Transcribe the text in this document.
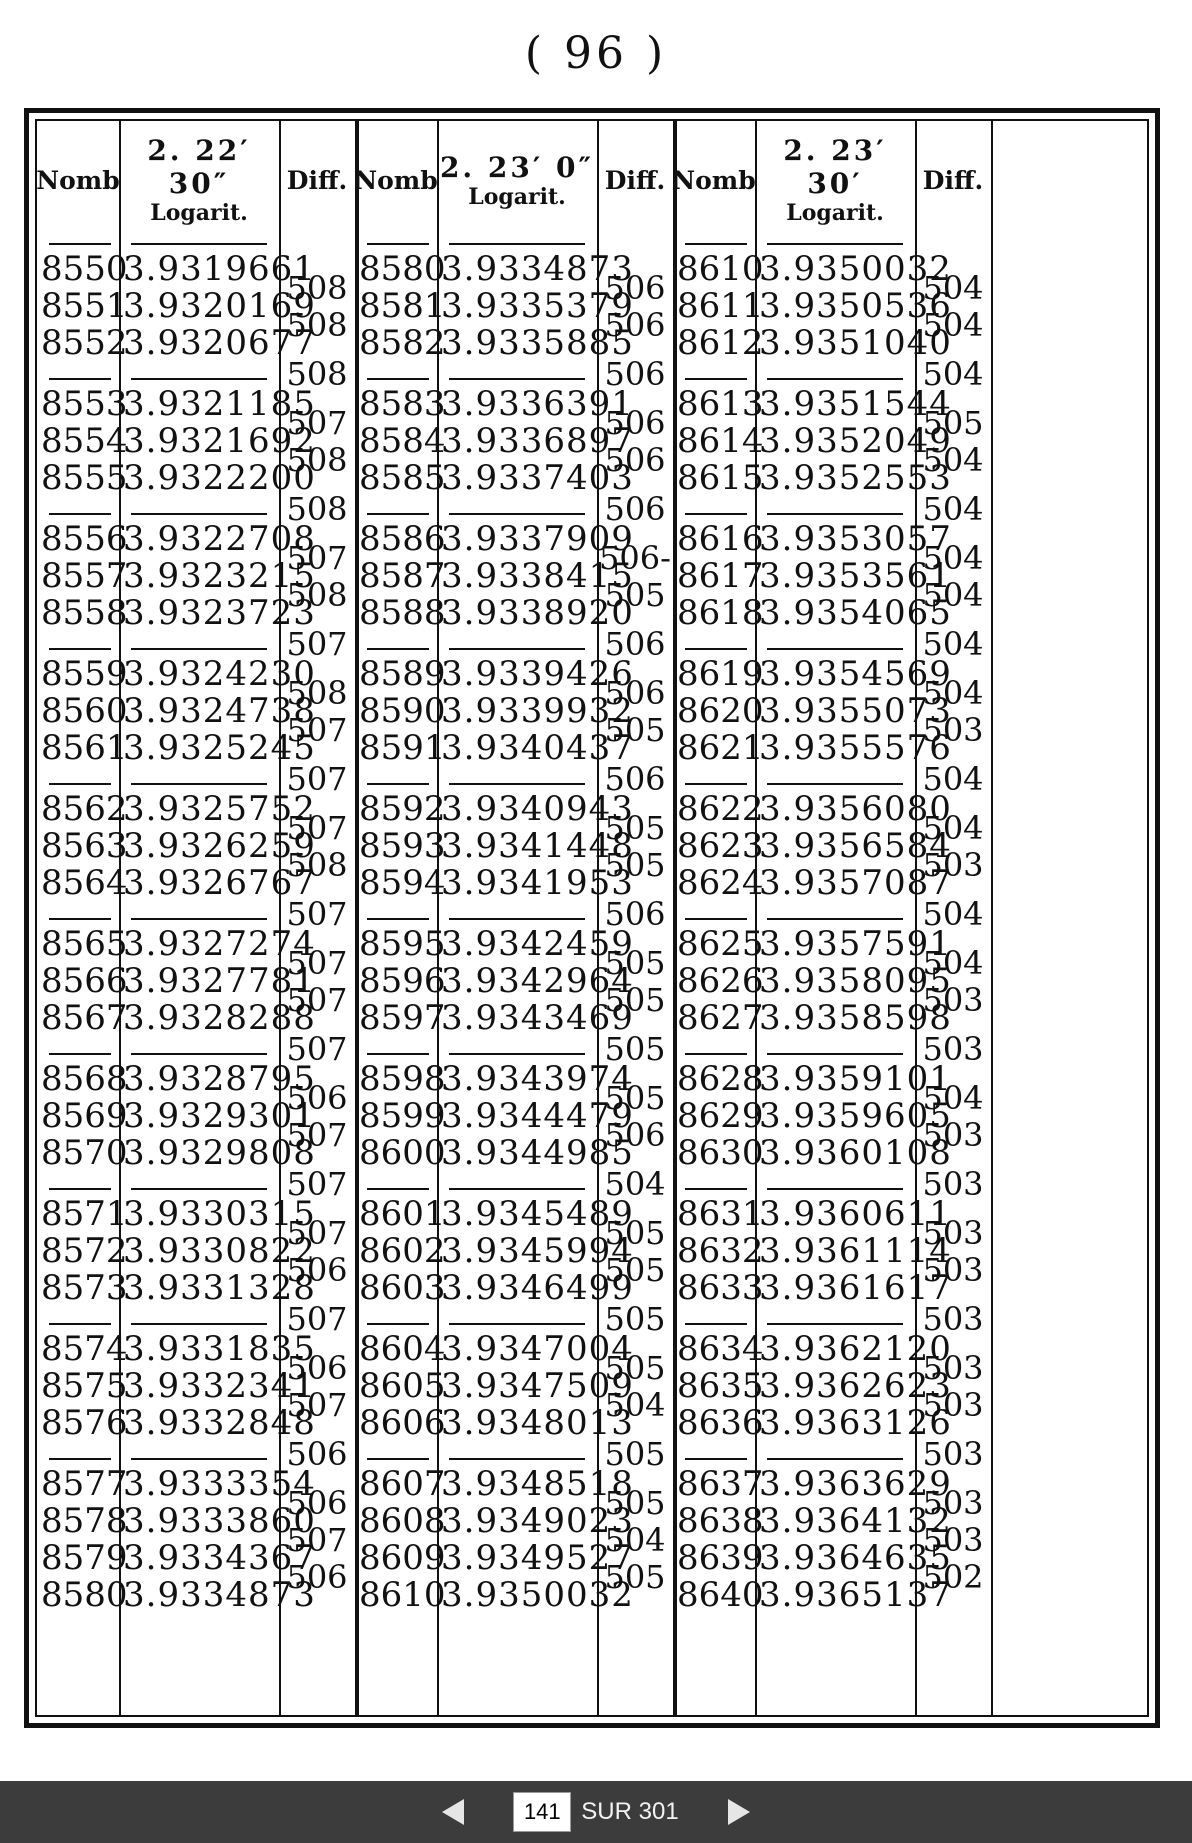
( 96 )
Nomb
2. 22′ 30″
Logarit.
Diff.
8550
3.9319661
8551
3.9320169
8552
3.9320677
508
508
508
8553
3.9321185
8554
3.9321692
8555
3.9322200
507
508
508
8556
3.9322708
8557
3.9323215
8558
3.9323723
507
508
507
8559
3.9324230
8560
3.9324738
8561
3.9325245
508
507
507
8562
3.9325752
8563
3.9326259
8564
3.9326767
507
508
507
8565
3.9327274
8566
3.9327781
8567
3.9328288
507
507
507
8568
3.9328795
8569
3.9329301
8570
3.9329808
506
507
507
8571
3.9330315
8572
3.9330822
8573
3.9331328
507
506
507
8574
3.9331835
8575
3.9332341
8576
3.9332848
506
507
506
8577
3.9333354
8578
3.9333860
8579
3.9334367
8580
3.9334873
506
507
506
Nomb 2. 23′ 0″
Logarit.
Diff.
8580
3.9334873
8581
3.9335379
8582
3.9335885
506
506
506
8583
3.9336391
8584
3.9336897
8585
3.9337403
506
506
506
8586
3.9337909
8587
3.9338415
8588
3.9338920
506-
505
506
8589
3.9339426
8590
3.9339932
8591
3.9340437
506
505
506
8592
3.9340943
8593
3.9341448
8594
3.9341953
505
505
506
8595
3.9342459
8596
3.9342964
8597
3.9343469
505
505
505
8598
3.9343974
8599
3.9344479
8600
3.9344985
505
506
504
8601
3.9345489
8602
3.9345994
8603
3.9346499
505
505
505
8604
3.9347004
8605
3.9347509
8606
3.9348013
505
504
505
8607
3.9348518
8608
3.9349023
8609
3.9349527
8610
3.9350032
505
504
505
Nomb
2. 23′ 30′
Logarit.
Diff.
8610
3.9350032
8611
3.9350536
8612
3.9351040
504
504
504
8613
3.9351544
8614
3.9352049
8615
3.9352553
505
504
504
8616
3.9353057
8617
3.9353561
8618
3.9354065
504
504
504
8619
3.9354569
8620
3.9355073
8621
3.9355576
504
503
504
8622
3.9356080
8623
3.9356584
8624
3.9357087
504
503
504
8625
3.9357591
8626
3.9358095
8627
3.9358598
504
503
503
8628
3.9359101
8629
3.9359605
8630
3.9360108
504
503
503
8631
3.9360611
8632
3.9361114
8633
3.9361617
503
503
503
8634
3.9362120
8635
3.9362623
8636
3.9363126
503
503
503
8637
3.9363629
8638
3.9364132
8639
3.9364635
8640
3.9365137
503
503
502
141
SUR 301
